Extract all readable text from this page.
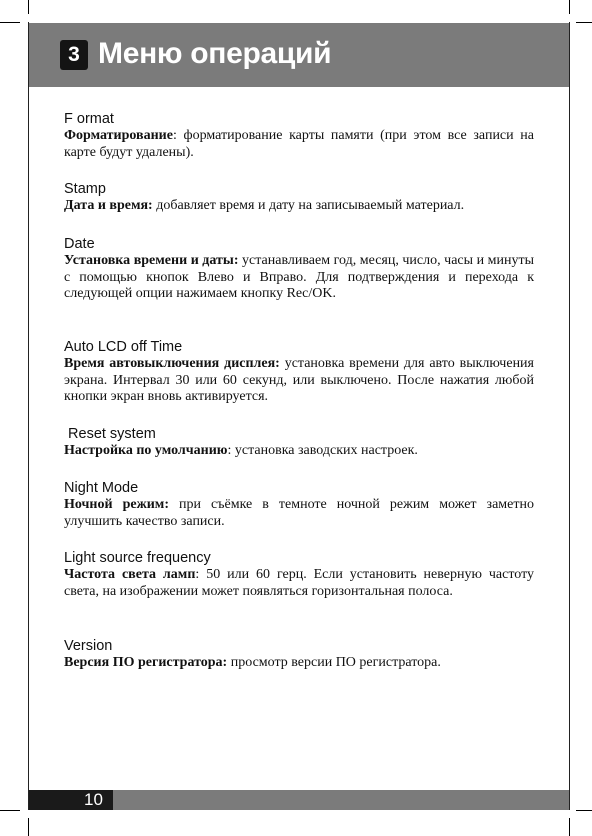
3 Меню операций
F ormat
Форматирование: форматирование карты памяти (при этом все записи на карте будут удалены).
Stamp
Дата и время: добавляет время и дату на записываемый материал.
Date
Установка времени и даты: устанавливаем год, месяц, число, часы и минуты с помощью кнопок Влево и Вправо. Для подтверждения и перехода к следующей опции нажимаем кнопку Rec/OK.
Auto LCD off Time
Время автовыключения дисплея: установка времени для авто выключения экрана. Интервал 30 или 60 секунд, или выключено. После нажатия любой кнопки экран вновь активируется.
Reset system
Настройка по умолчанию: установка заводских настроек.
Night Mode
Ночной режим: при съёмке в темноте ночной режим может заметно улучшить качество записи.
Light source frequency
Частота света ламп: 50 или 60 герц. Если установить неверную частоту света, на изображении может появляться горизонтальная полоса.
Version
Версия ПО регистратора: просмотр версии ПО регистратора.
10
